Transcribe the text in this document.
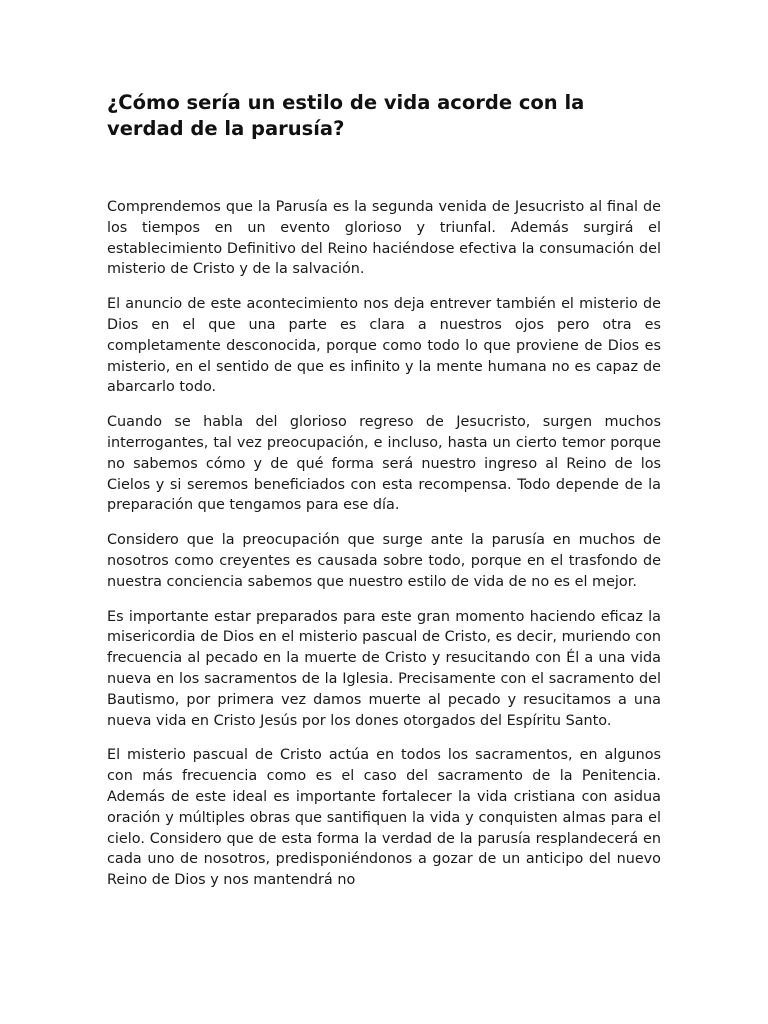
¿Cómo sería un estilo de vida acorde con la verdad de la parusía?

Comprendemos que la Parusía es la segunda venida de Jesucristo al final de los tiempos en un evento glorioso y triunfal. Además surgirá el establecimiento Definitivo del Reino haciéndose efectiva la consumación del misterio de Cristo y de la salvación.

El anuncio de este acontecimiento nos deja entrever también el misterio de Dios en el que una parte es clara a nuestros ojos pero otra es completamente desconocida, porque como todo lo que proviene de Dios es misterio, en el sentido de que es infinito y la mente humana no es capaz de abarcarlo todo.

Cuando se habla del glorioso regreso de Jesucristo, surgen muchos interrogantes, tal vez preocupación, e incluso, hasta un cierto temor porque no sabemos cómo y de qué forma será nuestro ingreso al Reino de los Cielos y si seremos beneficiados con esta recompensa. Todo depende de la preparación que tengamos para ese día.

Considero que la preocupación que surge ante la parusía en muchos de nosotros como creyentes es causada sobre todo, porque en el trasfondo de nuestra conciencia sabemos que nuestro estilo de vida de no es el mejor.

Es importante estar preparados para este gran momento haciendo eficaz la misericordia de Dios en el misterio pascual de Cristo, es decir, muriendo con frecuencia al pecado en la muerte de Cristo y resucitando con Él a una vida nueva en los sacramentos de la Iglesia. Precisamente con el sacramento del Bautismo, por primera vez damos muerte al pecado y resucitamos a una nueva vida en Cristo Jesús por los dones otorgados del Espíritu Santo.

El misterio pascual de Cristo actúa en todos los sacramentos, en algunos con más frecuencia como es el caso del sacramento de la Penitencia. Además de este ideal es importante fortalecer la vida cristiana con asidua oración y múltiples obras que santifiquen la vida y conquisten almas para el cielo. Considero que de esta forma la verdad de la parusía resplandecerá en cada uno de nosotros, predisponiéndonos a gozar de un anticipo del nuevo Reino de Dios y nos mantendrá no
